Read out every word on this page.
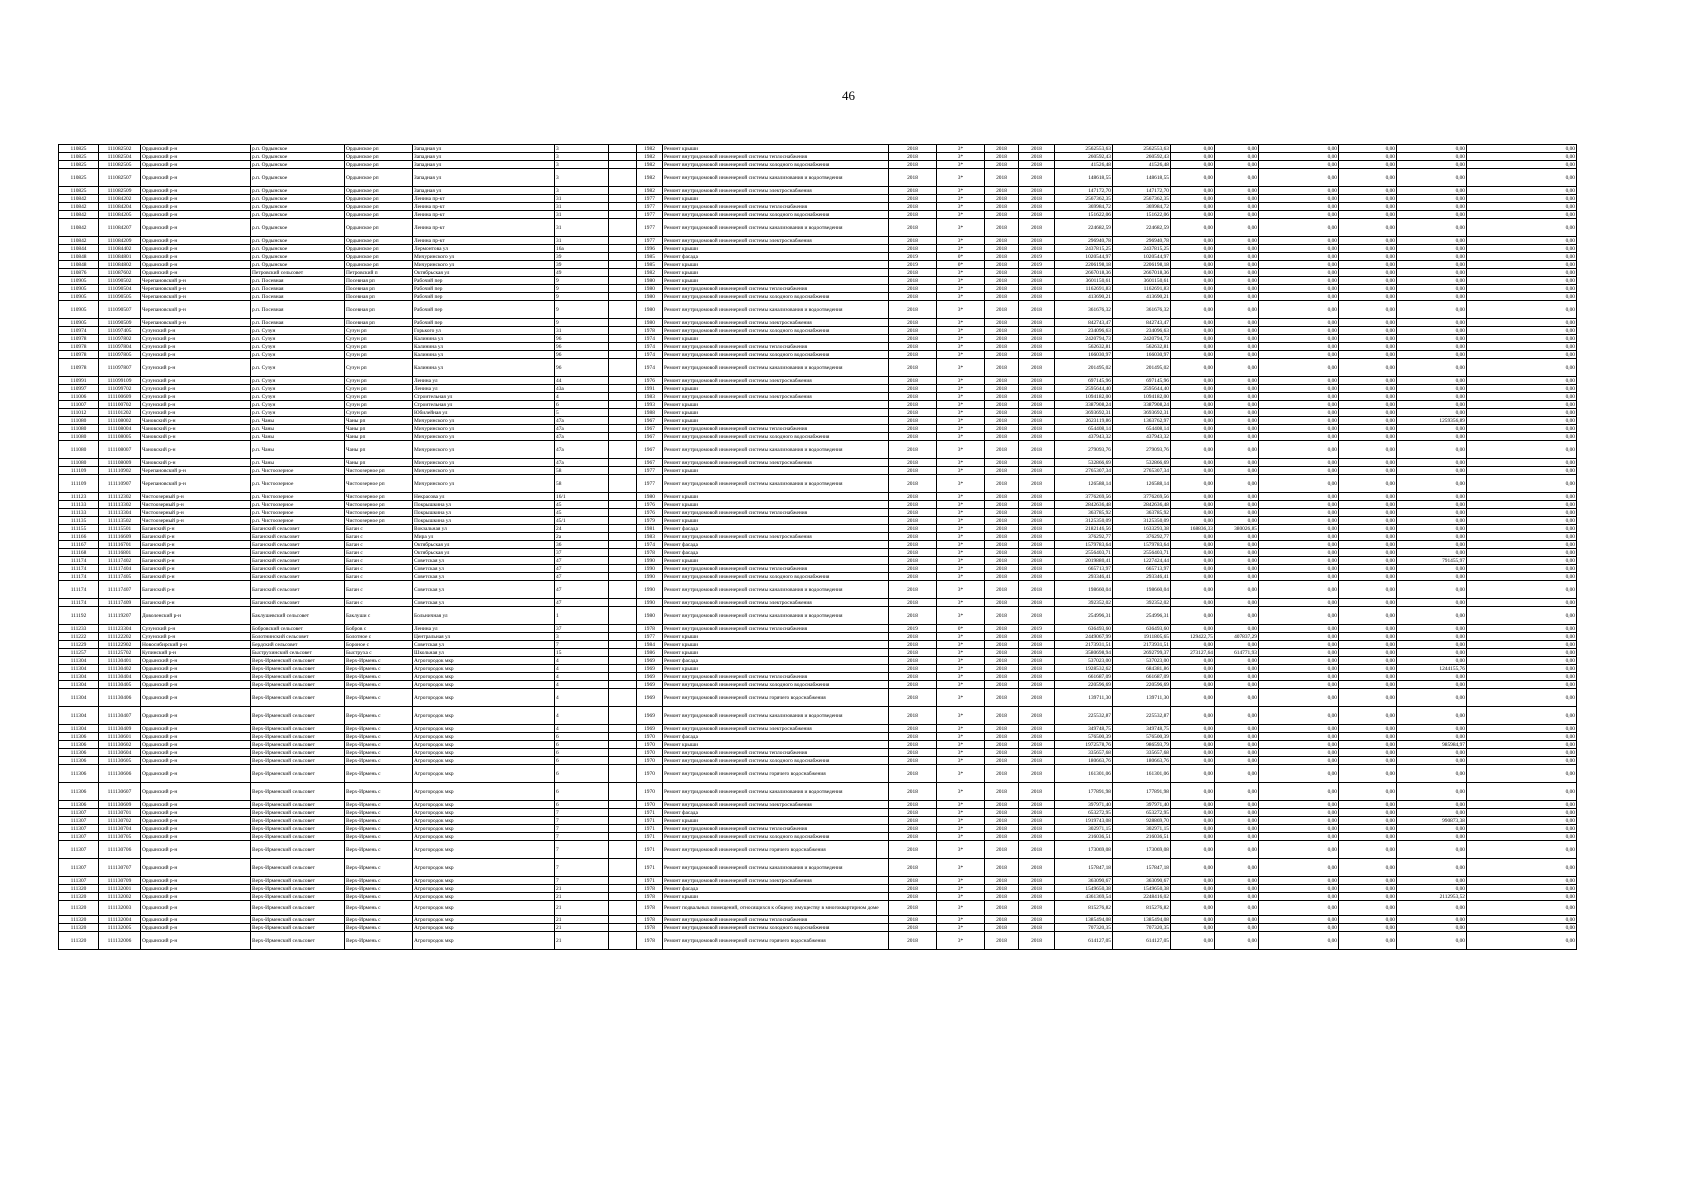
46
110825	111082502	Ордынский р-н	р.п. Ордынское	Ордынское рп	Западная ул	3		1982	Ремонт крыши	2018	3*	2018	2018	2562553,63	2562553,63	0,00	0,00	0,00	0,00	0,00	0,00
110825	111082504	Ордынский р-н	р.п. Ордынское	Ордынское рп	Западная ул	3		1982	Ремонт внутридомовой инженерной системы теплоснабжения	2018	3*	2018	2018	260592,43	260592,43	0,00	0,00	0,00	0,00	0,00	0,00
110825	111082505	Ордынский р-н	р.п. Ордынское	Ордынское рп	Западная ул	3		1982	Ремонт внутридомовой инженерной системы холодного водоснабжения	2018	3*	2018	2018	41526,48	41526,48	0,00	0,00	0,00	0,00	0,00	0,00
110825	111082507	Ордынский р-н	р.п. Ордынское	Ордынское рп	Западная ул	3		1982	Ремонт внутридомовой инженерной системы канализования и водоотведения	2018	3*	2018	2018	148618,55	148618,55	0,00	0,00	0,00	0,00	0,00	0,00
110825	111082509	Ордынский р-н	р.п. Ордынское	Ордынское рп	Западная ул	3		1982	Ремонт внутридомовой инженерной системы электроснабжения	2018	3*	2018	2018	147172,70	147172,70	0,00	0,00	0,00	0,00	0,00	0,00
110842	111084202	Ордынский р-н	р.п. Ордынское	Ордынское рп	Ленина пр-кт	31		1977	Ремонт крыши	2018	3*	2018	2018	2567362,35	2567362,35	0,00	0,00	0,00	0,00	0,00	0,00
110842	111084204	Ордынский р-н	р.п. Ордынское	Ордынское рп	Ленина пр-кт	31		1977	Ремонт внутридомовой инженерной системы теплоснабжения	2018	3*	2018	2018	369984,72	369984,72	0,00	0,00	0,00	0,00	0,00	0,00
110842	111084205	Ордынский р-н	р.п. Ордынское	Ордынское рп	Ленина пр-кт	31		1977	Ремонт внутридомовой инженерной системы холодного водоснабжения	2018	3*	2018	2018	151622,06	151622,06	0,00	0,00	0,00	0,00	0,00	0,00
110842	111084207	Ордынский р-н	р.п. Ордынское	Ордынское рп	Ленина пр-кт	31		1977	Ремонт внутридомовой инженерной системы канализования и водоотведения	2018	3*	2018	2018	224682,59	224682,59	0,00	0,00	0,00	0,00	0,00	0,00
110842	111084209	Ордынский р-н	р.п. Ордынское	Ордынское рп	Ленина пр-кт	31		1977	Ремонт внутридомовой инженерной системы электроснабжения	2018	3*	2018	2018	296940,78	296940,78	0,00	0,00	0,00	0,00	0,00	0,00
110844	111084402	Ордынский р-н	р.п. Ордынское	Ордынское рп	Лермонтова ул	16а		1996	Ремонт крыши	2018	3*	2018	2018	2437815,25	2437815,25	0,00	0,00	0,00	0,00	0,00	0,00
110848	111084801	Ордынский р-н	р.п. Ордынское	Ордынское рп	Мичуринского ул	39		1985	Ремонт фасада	2019	0*	2018	2019	1020544,97	1020544,97	0,00	0,00	0,00	0,00	0,00	0,00
110848	111084802	Ордынский р-н	р.п. Ордынское	Ордынское рп	Мичуринского ул	39		1985	Ремонт крыши	2019	0*	2018	2019	2206198,18	2206198,18	0,00	0,00	0,00	0,00	0,00	0,00
110876	111087602	Ордынский р-н	Петровский сельсовет	Петровский п	Октябрьская ул	49		1982	Ремонт крыши	2018	3*	2018	2018	2667018,36	2667018,36	0,00	0,00	0,00	0,00	0,00	0,00
110905	111090502	Черепановский р-н	р.п. Посевная	Посевная рп	Рабочий пер	9		1980	Ремонт крыши	2018	3*	2018	2018	3601150,61	3601150,61	0,00	0,00	0,00	0,00	0,00	0,00
110905	111090504	Черепановский р-н	р.п. Посевная	Посевная рп	Рабочий пер	9		1980	Ремонт внутридомовой инженерной системы теплоснабжения	2018	3*	2018	2018	1162691,83	1162691,83	0,00	0,00	0,00	0,00	0,00	0,00
110905	111090505	Черепановский р-н	р.п. Посевная	Посевная рп	Рабочий пер	9		1980	Ремонт внутридомовой инженерной системы холодного водоснабжения	2018	3*	2018	2018	413690,21	413690,21	0,00	0,00	0,00	0,00	0,00	0,00
110905	111090507	Черепановский р-н	р.п. Посевная	Посевная рп	Рабочий пер	9		1980	Ремонт внутридомовой инженерной системы канализования и водоотведения	2018	3*	2018	2018	361676,32	361676,32	0,00	0,00	0,00	0,00	0,00	0,00
110905	111090509	Черепановский р-н	р.п. Посевная	Посевная рп	Рабочий пер	9		1980	Ремонт внутридомовой инженерной системы электроснабжения	2018	3*	2018	2018	842743,47	842743,47	0,00	0,00	0,00	0,00	0,00	0,00
110974	111097405	Сузунский р-н	р.п. Сузун	Сузун рп	Горького ул	31		1978	Ремонт внутридомовой инженерной системы холодного водоснабжения	2018	3*	2018	2018	234096,63	234096,63	0,00	0,00	0,00	0,00	0,00	0,00
110978	111097802	Сузунский р-н	р.п. Сузун	Сузун рп	Калинина ул	96		1974	Ремонт крыши	2018	3*	2018	2018	2420794,73	2420794,73	0,00	0,00	0,00	0,00	0,00	0,00
110978	111097804	Сузунский р-н	р.п. Сузун	Сузун рп	Калинина ул	96		1974	Ремонт внутридомовой инженерной системы теплоснабжения	2018	3*	2018	2018	562632,81	562632,81	0,00	0,00	0,00	0,00	0,00	0,00
110978	111097805	Сузунский р-н	р.п. Сузун	Сузун рп	Калинина ул	96		1974	Ремонт внутридомовой инженерной системы холодного водоснабжения	2018	3*	2018	2018	166030,97	166030,97	0,00	0,00	0,00	0,00	0,00	0,00
110978	111097807	Сузунский р-н	р.п. Сузун	Сузун рп	Калинина ул	96		1974	Ремонт внутридомовой инженерной системы канализования и водоотведения	2018	3*	2018	2018	201495,02	201495,02	0,00	0,00	0,00	0,00	0,00	0,00
110991	111099109	Сузунский р-н	р.п. Сузун	Сузун рп	Ленина ул	44		1976	Ремонт внутридомовой инженерной системы электроснабжения	2018	3*	2018	2018	697145,96	697145,96	0,00	0,00	0,00	0,00	0,00	0,00
110997	111099702	Сузунский р-н	р.п. Сузун	Сузун рп	Ленина ул	43а		1991	Ремонт крыши	2018	3*	2018	2018	2595644,40	2595644,40	0,00	0,00	0,00	0,00	0,00	0,00
111006	111100609	Сузунский р-н	р.п. Сузун	Сузун рп	Строительная ул	4		1983	Ремонт внутридомовой инженерной системы электроснабжения	2018	3*	2018	2018	1094182,00	1094182,00	0,00	0,00	0,00	0,00	0,00	0,00
111007	111100702	Сузунский р-н	р.п. Сузун	Сузун рп	Строительная ул	6		1993	Ремонт крыши	2018	3*	2018	2018	3387908,24	3387908,24	0,00	0,00	0,00	0,00	0,00	0,00
111012	111101202	Сузунский р-н	р.п. Сузун	Сузун рп	Юбилейная ул	5		1988	Ремонт крыши	2018	3*	2018	2018	3693692,31	3693692,31	0,00	0,00	0,00	0,00	0,00	0,00
111080	111108002	Чановский р-н	р.п. Чаны	Чаны рп	Мичуринского ул	47а		1967	Ремонт крыши	2018	3*	2018	2018	2623119,86	1363762,97	0,00	0,00	0,00	0,00	1259356,89	0,00
111080	111108004	Чановский р-н	р.п. Чаны	Чаны рп	Мичуринского ул	47а		1967	Ремонт внутридомовой инженерной системы теплоснабжения	2018	3*	2018	2018	654408,14	654408,14	0,00	0,00	0,00	0,00	0,00	0,00
111080	111108005	Чановский р-н	р.п. Чаны	Чаны рп	Мичуринского ул	47а		1967	Ремонт внутридомовой инженерной системы холодного водоснабжения	2018	3*	2018	2018	437943,32	437943,32	0,00	0,00	0,00	0,00	0,00	0,00
111080	111108007	Чановский р-н	р.п. Чаны	Чаны рп	Мичуринского ул	47а		1967	Ремонт внутридомовой инженерной системы канализования и водоотведения	2018	3*	2018	2018	279093,76	279093,76	0,00	0,00	0,00	0,00	0,00	0,00
111080	111108009	Чановский р-н	р.п. Чаны	Чаны рп	Мичуринского ул	47а		1967	Ремонт внутридомовой инженерной системы электроснабжения	2018	3*	2018	2018	532866,69	532866,69	0,00	0,00	0,00	0,00	0,00	0,00
111109	111110902	Черепановский р-н	р.п. Чистоозерное	Чистоозерное рп	Мичуринского ул	58		1977	Ремонт крыши	2018	3*	2018	2018	2765307,34	2765307,34	0,00	0,00	0,00	0,00	0,00	0,00
111109	111110907	Черепановский р-н	р.п. Чистоозерное	Чистоозерное рп	Мичуринского ул	58		1977	Ремонт внутридомовой инженерной системы канализования и водоотведения	2018	3*	2018	2018	126588,14	126588,14	0,00	0,00	0,00	0,00	0,00	0,00
111123	111112302	Чистоозерный р-н	р.п. Чистоозерное	Чистоозерное рп	Некрасова ул	16/1		1980	Ремонт крыши	2018	3*	2018	2018	3776269,56	3776269,56	0,00	0,00	0,00	0,00	0,00	0,00
111133	111113302	Чистоозерный р-н	р.п. Чистоозерное	Чистоозерное рп	Покрышкина ул	45		1976	Ремонт крыши	2018	3*	2018	2018	2842636,48	2842636,48	0,00	0,00	0,00	0,00	0,00	0,00
111133	111113304	Чистоозерный р-н	р.п. Чистоозерное	Чистоозерное рп	Покрышкина ул	45		1976	Ремонт внутридомовой инженерной системы теплоснабжения	2018	3*	2018	2018	363785,92	363785,92	0,00	0,00	0,00	0,00	0,00	0,00
111135	111113502	Чистоозерный р-н	р.п. Чистоозерное	Чистоозерное рп	Покрышкина ул	45/1		1979	Ремонт крыши	2018	3*	2018	2018	3125350,09	3125350,09	0,00	0,00	0,00	0,00	0,00	0,00
111155	111115501	Баганский р-н	Баганский сельсовет	Баган с	Вокзальная ул	24		1981	Ремонт фасада	2018	3*	2018	2018	2182146,56	1633293,38	168836,33	380026,85	0,00	0,00	0,00	0,00
111166	111116609	Баганский р-н	Баганский сельсовет	Баган с	Мира ул	2а		1983	Ремонт внутридомовой инженерной системы электроснабжения	2018	3*	2018	2018	376292,77	376292,77	0,00	0,00	0,00	0,00	0,00	0,00
111167	111116701	Баганский р-н	Баганский сельсовет	Баган с	Октябрьская ул	36		1974	Ремонт фасада	2018	3*	2018	2018	1579783,64	1579783,64	0,00	0,00	0,00	0,00	0,00	0,00
111168	111116801	Баганский р-н	Баганский сельсовет	Баган с	Октябрьская ул	37		1978	Ремонт фасада	2018	3*	2018	2018	2556403,71	2556403,71	0,00	0,00	0,00	0,00	0,00	0,00
111174	111117402	Баганский р-н	Баганский сельсовет	Баган с	Советская ул	47		1990	Ремонт крыши	2018	3*	2018	2018	2019880,41	1227424,44	0,00	0,00	0,00	0,00	791455,97	0,00
111174	111117404	Баганский р-н	Баганский сельсовет	Баган с	Советская ул	47		1990	Ремонт внутридомовой инженерной системы теплоснабжения	2018	3*	2018	2018	665713,97	665713,97	0,00	0,00	0,00	0,00	0,00	0,00
111174	111117405	Баганский р-н	Баганский сельсовет	Баган с	Советская ул	47		1990	Ремонт внутридомовой инженерной системы холодного водоснабжения	2018	3*	2018	2018	293346,41	293346,41	0,00	0,00	0,00	0,00	0,00	0,00
111174	111117407	Баганский р-н	Баганский сельсовет	Баган с	Советская ул	47		1990	Ремонт внутридомовой инженерной системы канализования и водоотведения	2018	3*	2018	2018	198660,04	198660,04	0,00	0,00	0,00	0,00	0,00	0,00
111174	111117409	Баганский р-н	Баганский сельсовет	Баган с	Советская ул	47		1990	Ремонт внутридомовой инженерной системы электроснабжения	2018	3*	2018	2018	392352,02	392352,02	0,00	0,00	0,00	0,00	0,00	0,00
111192	111119207	Доволенский р-н	Баклушевский сельсовет	Баклуши с	Больничная ул	1		1980	Ремонт внутридомовой инженерной системы канализования и водоотведения	2018	3*	2018	2018	254996,31	254996,31	0,00	0,00	0,00	0,00	0,00	0,00
111233	111123304	Сузунский р-н	Бобровский сельсовет	Бобров с	Ленина ул	37		1978	Ремонт внутридомовой инженерной системы теплоснабжения	2019	0*	2018	2019	636493,60	636493,60	0,00	0,00	0,00	0,00	0,00	0,00
111222	111122202	Сузунский р-н	Болотнинский сельсовет	Болотное с	Центральная ул	3		1977	Ремонт крыши	2018	3*	2018	2018	2449067,99	1911805,65	129422,75	407837,29	0,00	0,00	0,00	0,00
111229	111122902	Новосибирский р-н	Бердский сельсовет	Бороное с	Советская ул	7		1984	Ремонт крыши	2018	3*	2018	2018	2173931,51	2173931,51	0,00	0,00	0,00	0,00	0,00	0,00
111257	111125702	Купинский р-н	Быструхинский сельсовет	Быструха с	Школьная ул	15		1986	Ремонт крыши	2018	3*	2018	2018	3580698,94	2692799,37	273127,64	614771,93	0,00	0,00	0,00	0,00
111304	111130401	Ордынский р-н	Верх-Ирменский сельсовет	Верх-Ирмень с	Агрогородок мкр	4		1969	Ремонт фасада	2018	3*	2018	2018	537023,00	537023,00	0,00	0,00	0,00	0,00	0,00	0,00
111304	111130402	Ордынский р-н	Верх-Ирменский сельсовет	Верх-Ирмень с	Агрогородок мкр	4		1969	Ремонт крыши	2018	3*	2018	2018	1928532,62	684381,86	0,00	0,00	0,00	0,00	1244155,76	0,00
111304	111130404	Ордынский р-н	Верх-Ирменский сельсовет	Верх-Ирмень с	Агрогородок мкр	4		1969	Ремонт внутридомовой инженерной системы теплоснабжения	2018	3*	2018	2018	661687,09	661687,09	0,00	0,00	0,00	0,00	0,00	0,00
111304	111130405	Ордынский р-н	Верх-Ирменский сельсовет	Верх-Ирмень с	Агрогородок мкр	4		1969	Ремонт внутридомовой инженерной системы холодного водоснабжения	2018	3*	2018	2018	220596,69	220596,69	0,00	0,00	0,00	0,00	0,00	0,00
111304	111130406	Ордынский р-н	Верх-Ирменский сельсовет	Верх-Ирмень с	Агрогородок мкр	4		1969	Ремонт внутридомовой инженерной системы горячего водоснабжения	2018	3*	2018	2018	139711,30	139711,30	0,00	0,00	0,00	0,00	0,00	0,00
111304	111130407	Ордынский р-н	Верх-Ирменский сельсовет	Верх-Ирмень с	Агрогородок мкр	4		1969	Ремонт внутридомовой инженерной системы канализования и водоотведения	2018	3*	2018	2018	225532,87	225532,87	0,00	0,00	0,00	0,00	0,00	0,00
111304	111130409	Ордынский р-н	Верх-Ирменский сельсовет	Верх-Ирмень с	Агрогородок мкр	4		1969	Ремонт внутридомовой инженерной системы электроснабжения	2018	3*	2018	2018	349748,75	349748,75	0,00	0,00	0,00	0,00	0,00	0,00
111306	111130601	Ордынский р-н	Верх-Ирменский сельсовет	Верх-Ирмень с	Агрогородок мкр	6		1970	Ремонт фасада	2018	3*	2018	2018	576500,39	576500,39	0,00	0,00	0,00	0,00	0,00	0,00
111306	111130602	Ордынский р-н	Верх-Ирменский сельсовет	Верх-Ирмень с	Агрогородок мкр	6		1970	Ремонт крыши	2018	3*	2018	2018	1972578,76	986593,79	0,00	0,00	0,00	0,00	985984,97	0,00
111306	111130604	Ордынский р-н	Верх-Ирменский сельсовет	Верх-Ирмень с	Агрогородок мкр	6		1970	Ремонт внутридомовой инженерной системы теплоснабжения	2018	3*	2018	2018	335657,68	335657,68	0,00	0,00	0,00	0,00	0,00	0,00
111306	111130605	Ордынский р-н	Верх-Ирменский сельсовет	Верх-Ирмень с	Агрогородок мкр	6		1970	Ремонт внутридомовой инженерной системы холодного водоснабжения	2018	3*	2018	2018	180663,76	180663,76	0,00	0,00	0,00	0,00	0,00	0,00
111306	111130606	Ордынский р-н	Верх-Ирменский сельсовет	Верх-Ирмень с	Агрогородок мкр	6		1970	Ремонт внутридомовой инженерной системы горячего водоснабжения	2018	3*	2018	2018	161301,06	161301,06	0,00	0,00	0,00	0,00	0,00	0,00
111306	111130607	Ордынский р-н	Верх-Ирменский сельсовет	Верх-Ирмень с	Агрогородок мкр	6		1970	Ремонт внутридомовой инженерной системы канализования и водоотведения	2018	3*	2018	2018	177891,98	177891,98	0,00	0,00	0,00	0,00	0,00	0,00
111306	111130609	Ордынский р-н	Верх-Ирменский сельсовет	Верх-Ирмень с	Агрогородок мкр	6		1970	Ремонт внутридомовой инженерной системы электроснабжения	2018	3*	2018	2018	397971,40	397971,40	0,00	0,00	0,00	0,00	0,00	0,00
111307	111130701	Ордынский р-н	Верх-Ирменский сельсовет	Верх-Ирмень с	Агрогородок мкр	7		1971	Ремонт фасада	2018	3*	2018	2018	653272,95	653272,95	0,00	0,00	0,00	0,00	0,00	0,00
111307	111130702	Ордынский р-н	Верх-Ирменский сельсовет	Верх-Ирмень с	Агрогородок мкр	7		1971	Ремонт крыши	2018	3*	2018	2018	1919743,08	928869,70	0,00	0,00	0,00	0,00	990873,38	0,00
111307	111130704	Ордынский р-н	Верх-Ирменский сельсовет	Верх-Ирмень с	Агрогородок мкр	7		1971	Ремонт внутридомовой инженерной системы теплоснабжения	2018	3*	2018	2018	302971,15	302971,15	0,00	0,00	0,00	0,00	0,00	0,00
111307	111130705	Ордынский р-н	Верх-Ирменский сельсовет	Верх-Ирмень с	Агрогородок мкр	7		1971	Ремонт внутридомовой инженерной системы холодного водоснабжения	2018	3*	2018	2018	216036,51	216036,51	0,00	0,00	0,00	0,00	0,00	0,00
111307	111130706	Ордынский р-н	Верх-Ирменский сельсовет	Верх-Ирмень с	Агрогородок мкр	7		1971	Ремонт внутридомовой инженерной системы горячего водоснабжения	2018	3*	2018	2018	173069,08	173069,08	0,00	0,00	0,00	0,00	0,00	0,00
111307	111130707	Ордынский р-н	Верх-Ирменский сельсовет	Верх-Ирмень с	Агрогородок мкр	7		1971	Ремонт внутридомовой инженерной системы канализования и водоотведения	2018	3*	2018	2018	157847,18	157847,18	0,00	0,00	0,00	0,00	0,00	0,00
111307	111130709	Ордынский р-н	Верх-Ирменский сельсовет	Верх-Ирмень с	Агрогородок мкр	7		1971	Ремонт внутридомовой инженерной системы электроснабжения	2018	3*	2018	2018	363090,67	363090,67	0,00	0,00	0,00	0,00	0,00	0,00
111320	111132001	Ордынский р-н	Верх-Ирменский сельсовет	Верх-Ирмень с	Агрогородок мкр	21		1978	Ремонт фасада	2018	3*	2018	2018	1549650,38	1549650,38	0,00	0,00	0,00	0,00	0,00	0,00
111320	111132002	Ордынский р-н	Верх-Ирменский сельсовет	Верх-Ирмень с	Агрогородок мкр	21		1978	Ремонт крыши	2018	3*	2018	2018	4361369,54	2248416,02	0,00	0,00	0,00	0,00	2112953,52	0,00
111320	111132003	Ордынский р-н	Верх-Ирменский сельсовет	Верх-Ирмень с	Агрогородок мкр	21		1978	Ремонт подвальных помещений, относящихся к общему имуществу в многоквартирном доме	2018	3*	2018	2018	815276,82	815276,82	0,00	0,00	0,00	0,00	0,00	0,00
111320	111132004	Ордынский р-н	Верх-Ирменский сельсовет	Верх-Ирмень с	Агрогородок мкр	21		1978	Ремонт внутридомовой инженерной системы теплоснабжения	2018	3*	2018	2018	1385494,08	1385494,08	0,00	0,00	0,00	0,00	0,00	0,00
111320	111132005	Ордынский р-н	Верх-Ирменский сельсовет	Верх-Ирмень с	Агрогородок мкр	21		1978	Ремонт внутридомовой инженерной системы холодного водоснабжения	2018	3*	2018	2018	707320,35	707320,35	0,00	0,00	0,00	0,00	0,00	0,00
111320	111132006	Ордынский р-н	Верх-Ирменский сельсовет	Верх-Ирмень с	Агрогородок мкр	21		1978	Ремонт внутридомовой инженерной системы горячего водоснабжения	2018	3*	2018	2018	614127,05	614127,05	0,00	0,00	0,00	0,00	0,00	0,00
